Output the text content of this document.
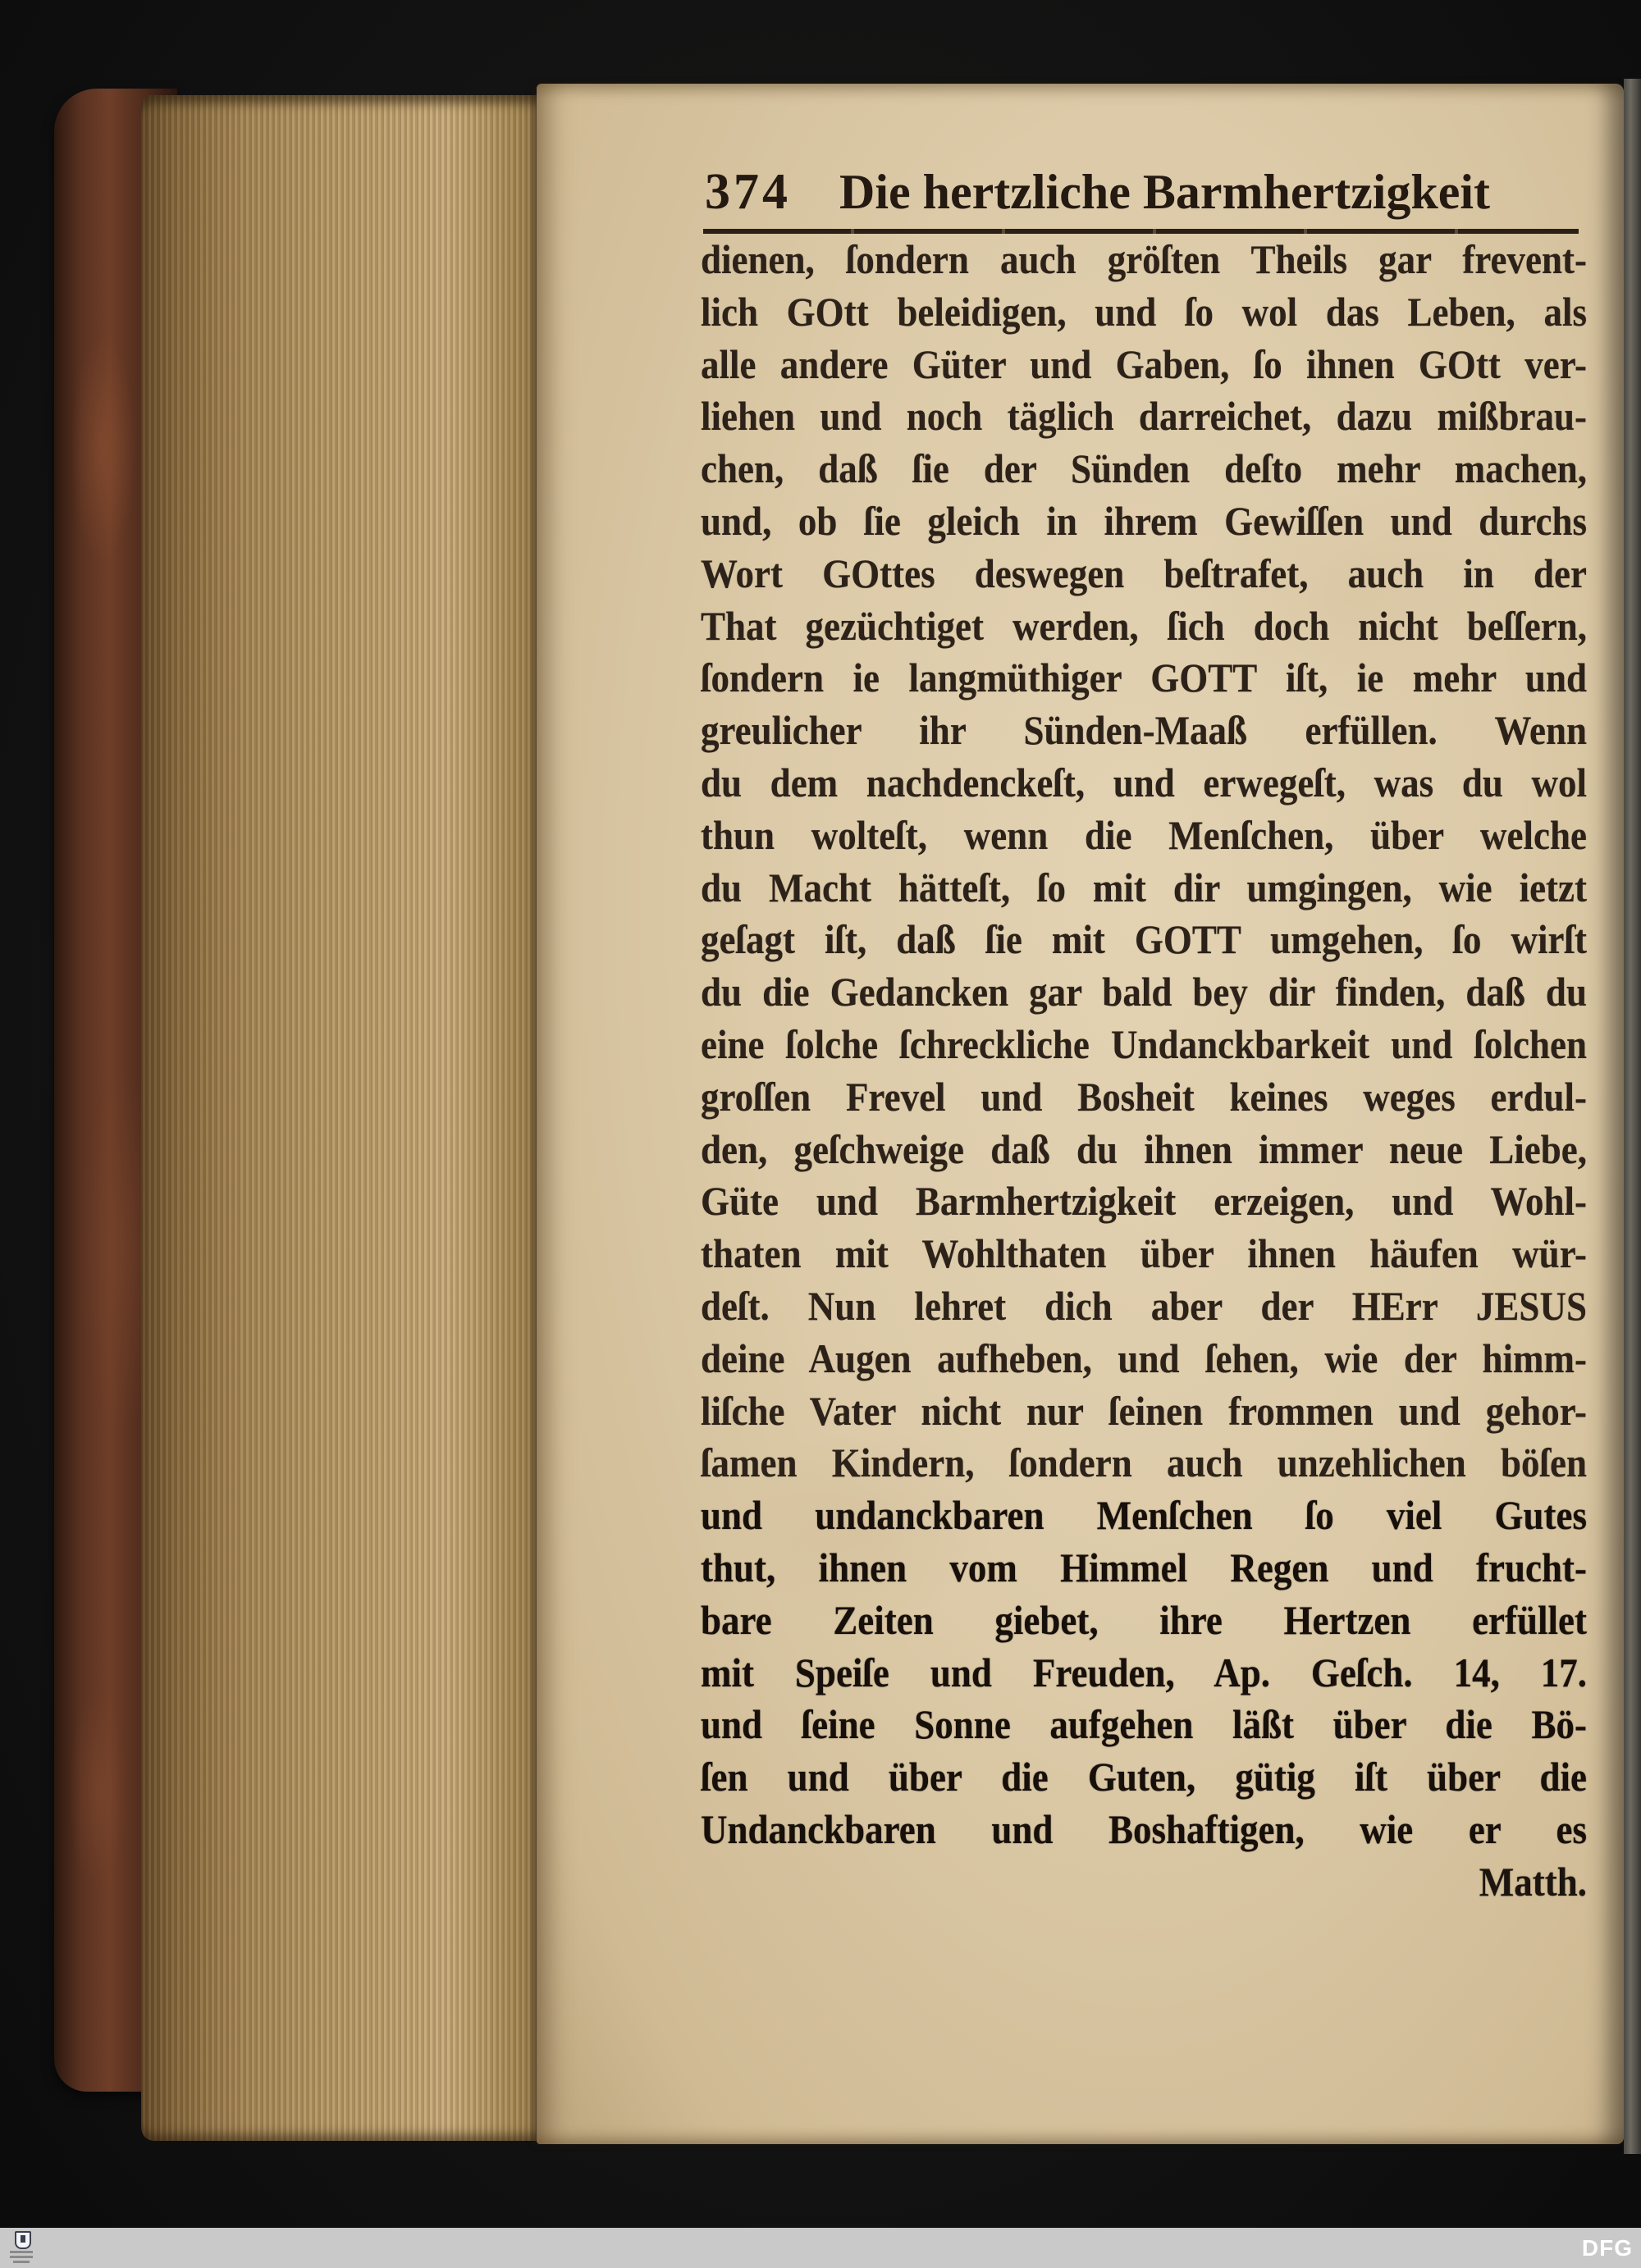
374 Die hertzliche Barmhertzigkeit
dienen, ſondern auch gröſten Theils gar frevent-
lich GOtt beleidigen, und ſo wol das Leben, als
alle andere Güter und Gaben, ſo ihnen GOtt ver-
liehen und noch täglich darreichet, dazu mißbrau-
chen, daß ſie der Sünden deſto mehr machen,
und, ob ſie gleich in ihrem Gewiſſen und durchs
Wort GOttes deswegen beſtrafet, auch in der
That gezüchtiget werden, ſich doch nicht beſſern,
ſondern ie langmüthiger GOTT iſt, ie mehr und
greulicher ihr Sünden-Maaß erfüllen. Wenn
du dem nachdenckeſt, und erwegeſt, was du wol
thun wolteſt, wenn die Menſchen, über welche
du Macht hätteſt, ſo mit dir umgingen, wie ietzt
geſagt iſt, daß ſie mit GOTT umgehen, ſo wirſt
du die Gedancken gar bald bey dir finden, daß du
eine ſolche ſchreckliche Undanckbarkeit und ſolchen
groſſen Frevel und Bosheit keines weges erdul-
den, geſchweige daß du ihnen immer neue Liebe,
Güte und Barmhertzigkeit erzeigen, und Wohl-
thaten mit Wohlthaten über ihnen häufen wür-
deſt. Nun lehret dich aber der HErr JESUS
deine Augen aufheben, und ſehen, wie der himm-
liſche Vater nicht nur ſeinen frommen und gehor-
ſamen Kindern, ſondern auch unzehlichen böſen
und undanckbaren Menſchen ſo viel Gutes
thut, ihnen vom Himmel Regen und frucht-
bare Zeiten giebet, ihre Hertzen erfüllet
mit Speiſe und Freuden, Ap. Geſch. 14, 17.
und ſeine Sonne aufgehen läßt über die Bö-
ſen und über die Guten, gütig iſt über die
Undanckbaren und Boshaftigen, wie er es
Matth.
DFG
